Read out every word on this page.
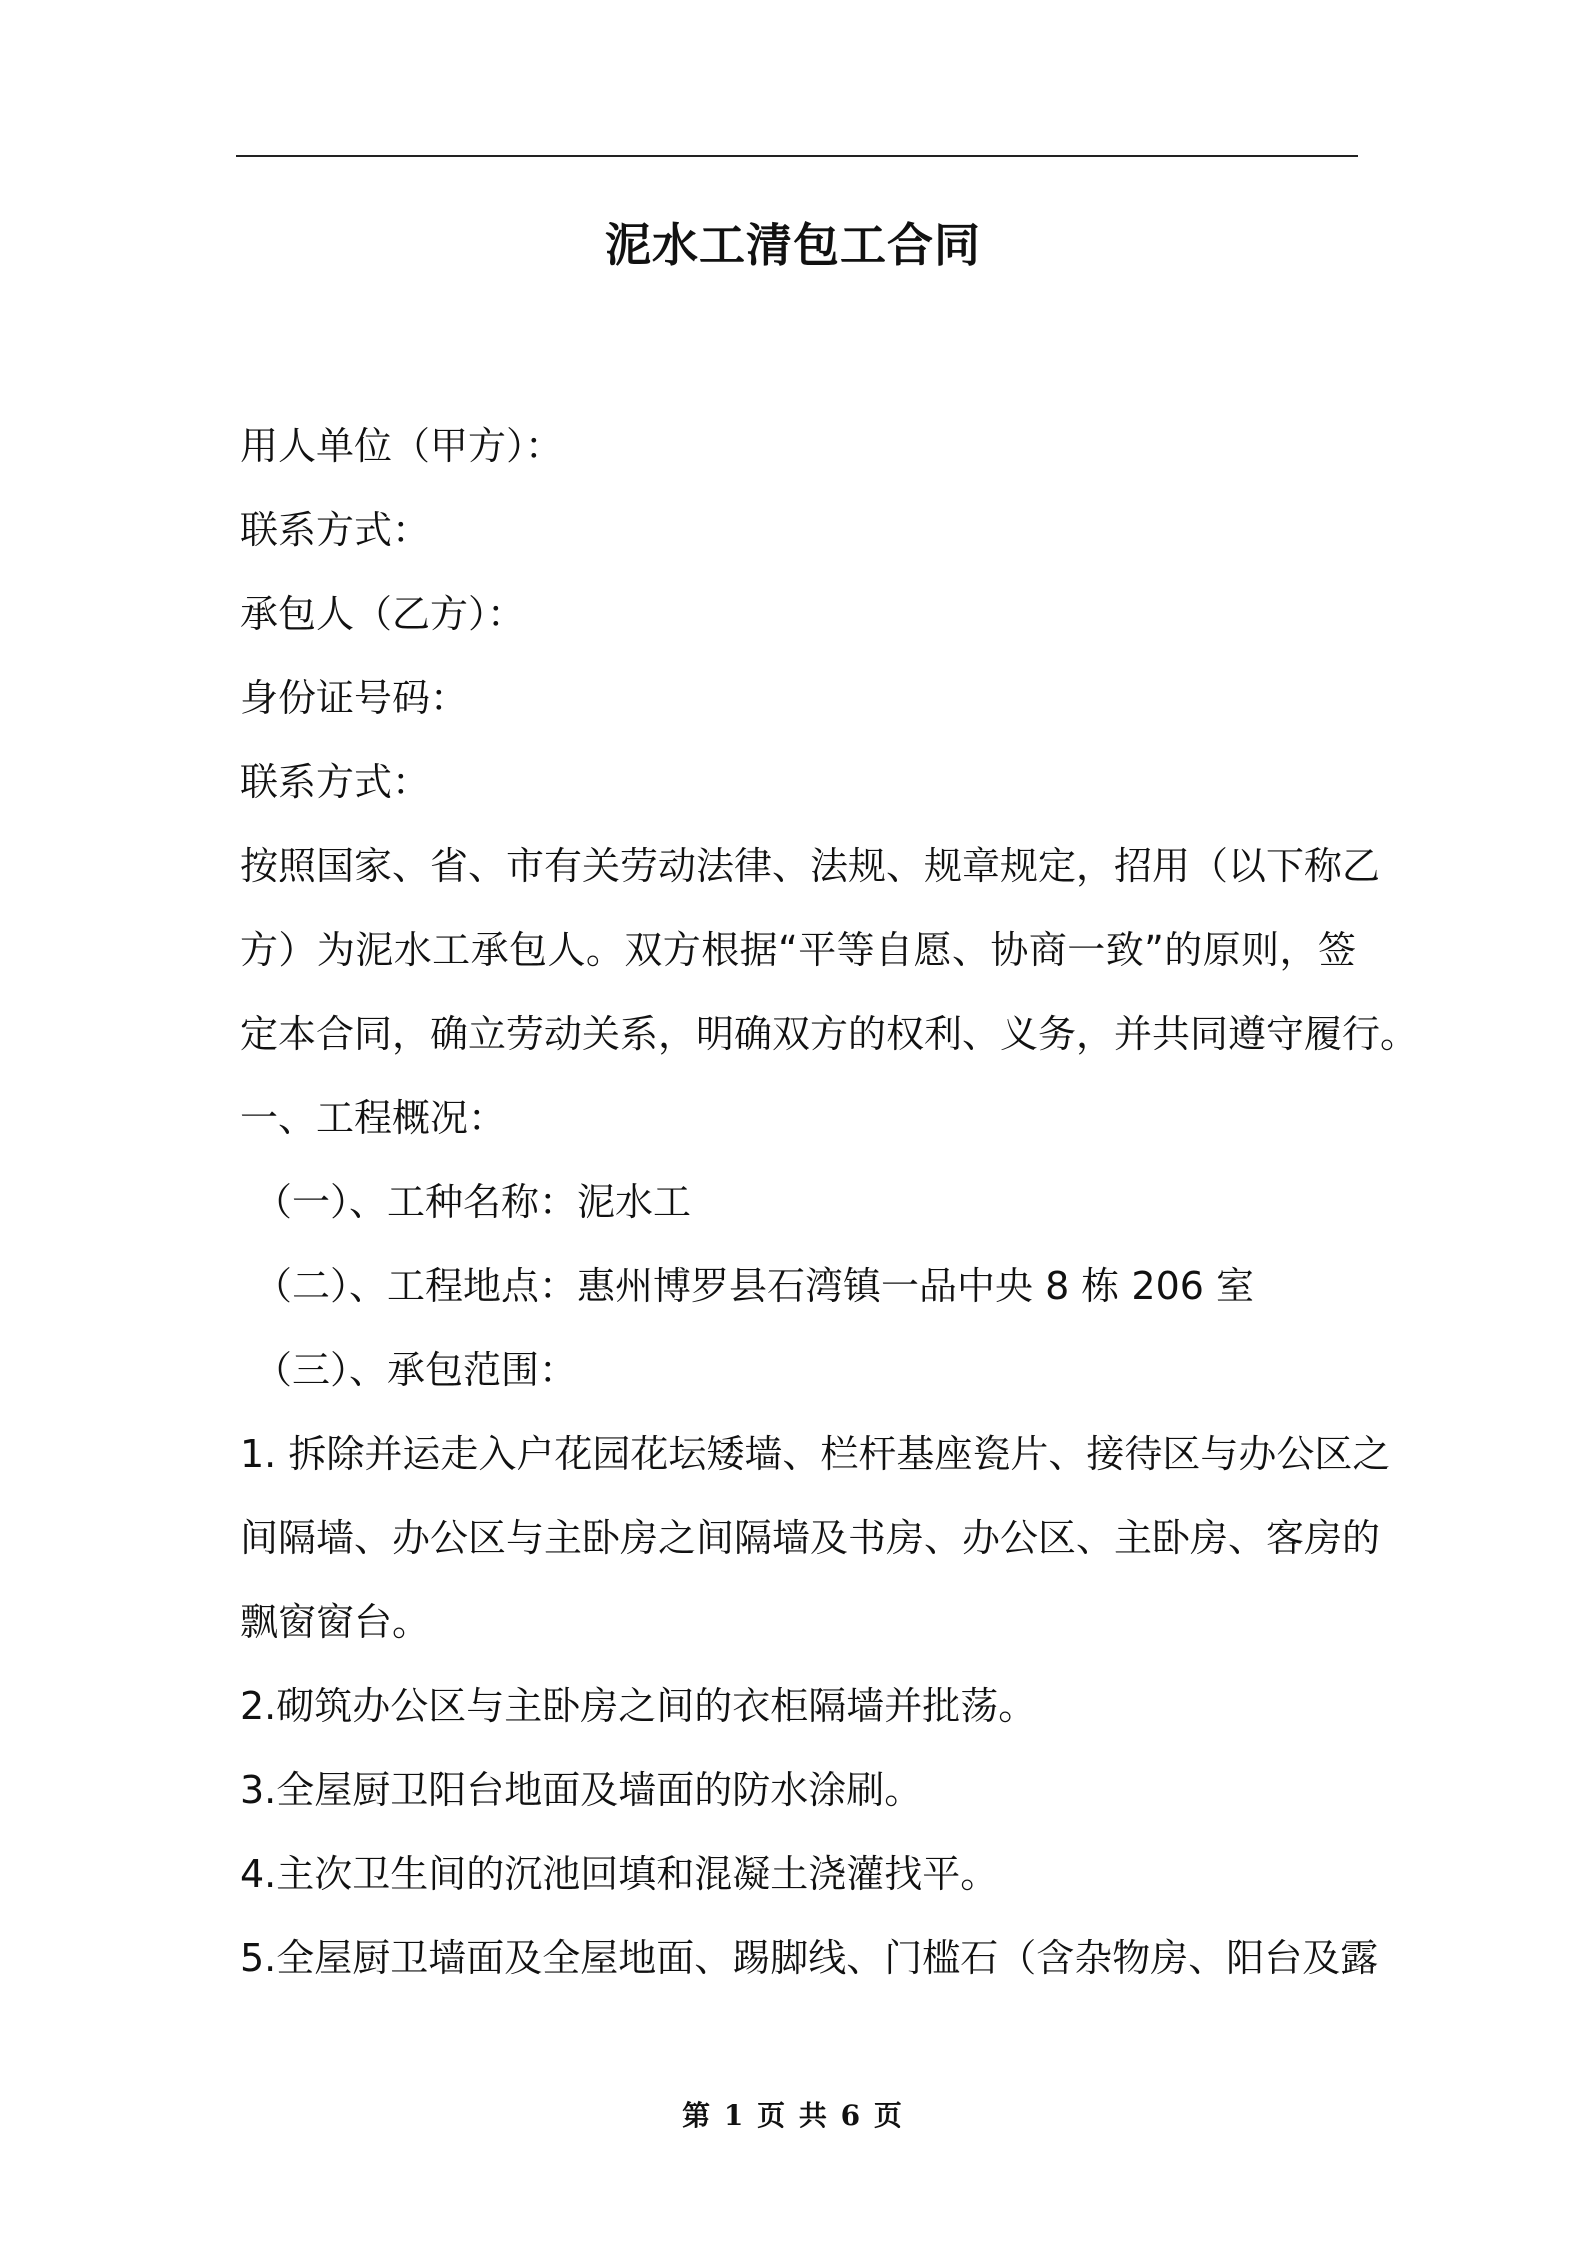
泥水工清包工合同
用人单位（甲方）：
联系方式：
承包人（乙方）：
身份证号码：
联系方式：
按照国家、省、市有关劳动法律、法规、规章规定，招用（以下称乙
方）为泥水工承包人。双方根据“平等自愿、协商一致”的原则，签
定本合同，确立劳动关系，明确双方的权利、义务，并共同遵守履行。
一、工程概况：
（一）、工种名称：泥水工
（二）、工程地点：惠州博罗县石湾镇一品中央 8 栋 206 室
（三）、承包范围：
1. 拆除并运走入户花园花坛矮墙、栏杆基座瓷片、接待区与办公区之
间隔墙、办公区与主卧房之间隔墙及书房、办公区、主卧房、客房的
飘窗窗台。
2.砌筑办公区与主卧房之间的衣柜隔墙并批荡。
3.全屋厨卫阳台地面及墙面的防水涂刷。
4.主次卫生间的沉池回填和混凝土浇灌找平。
5.全屋厨卫墙面及全屋地面、踢脚线、门槛石（含杂物房、阳台及露
第 1 页 共 6 页
